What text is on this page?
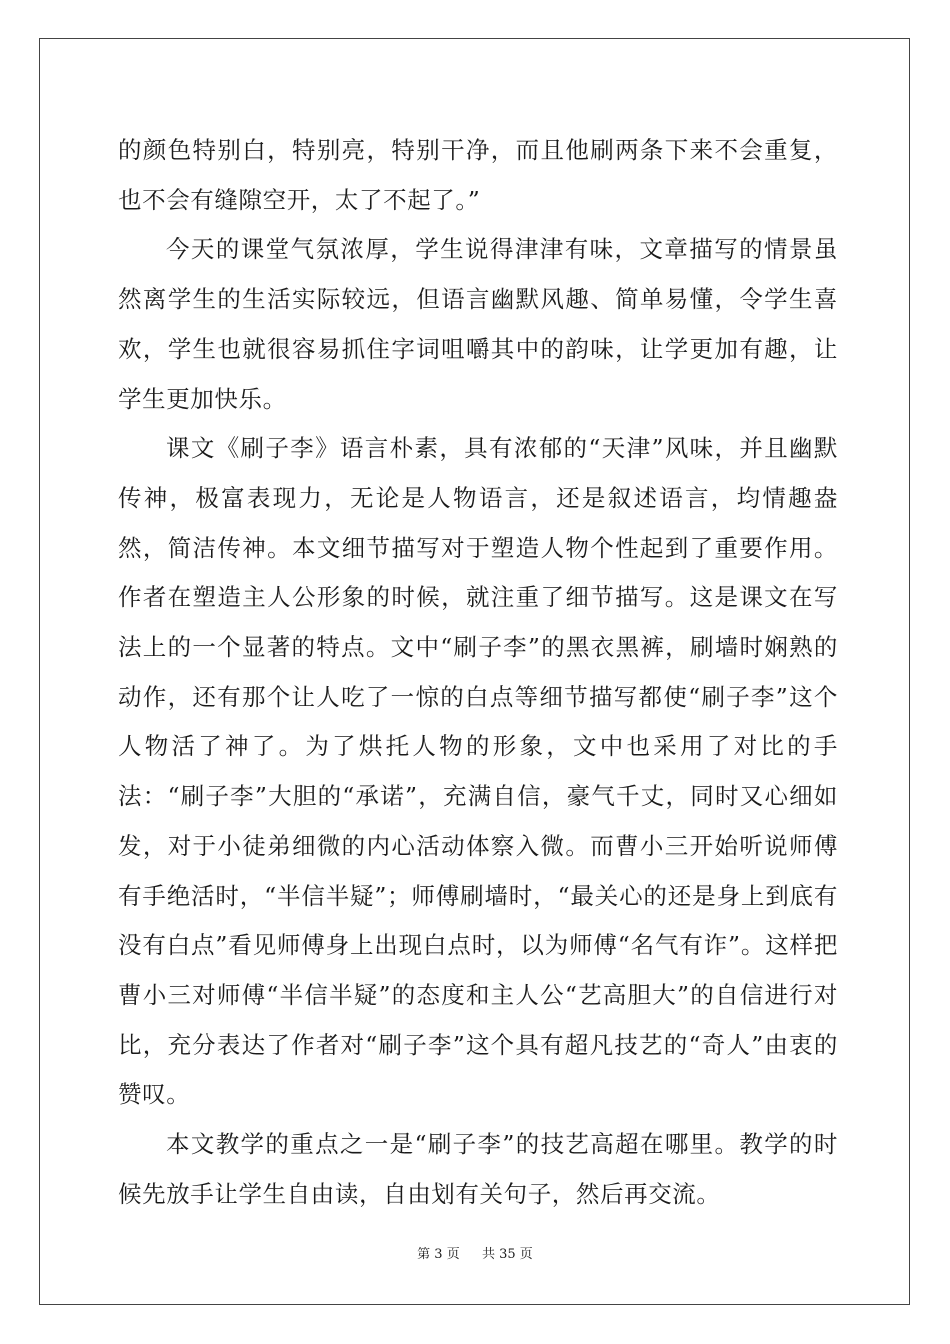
的颜色特别白，特别亮，特别干净，而且他刷两条下来不会重复，也不会有缝隙空开，太了不起了。”

今天的课堂气氛浓厚，学生说得津津有味，文章描写的情景虽然离学生的生活实际较远，但语言幽默风趣、简单易懂，令学生喜欢，学生也就很容易抓住字词咀嚼其中的韵味，让学更加有趣，让学生更加快乐。

课文《刷子李》语言朴素，具有浓郁的“天津”风味，并且幽默传神，极富表现力，无论是人物语言，还是叙述语言，均情趣盎然，简洁传神。本文细节描写对于塑造人物个性起到了重要作用。作者在塑造主人公形象的时候，就注重了细节描写。这是课文在写法上的一个显著的特点。文中“刷子李”的黑衣黑裤，刷墙时娴熟的动作，还有那个让人吃了一惊的白点等细节描写都使“刷子李”这个人物活了神了。为了烘托人物的形象，文中也采用了对比的手法：“刷子李”大胆的“承诺”，充满自信，豪气千丈，同时又心细如发，对于小徒弟细微的内心活动体察入微。而曹小三开始听说师傅有手绝活时，“半信半疑”；师傅刷墙时，“最关心的还是身上到底有没有白点”看见师傅身上出现白点时，以为师傅“名气有诈”。这样把曹小三对师傅“半信半疑”的态度和主人公“艺高胆大”的自信进行对比，充分表达了作者对“刷子李”这个具有超凡技艺的“奇人”由衷的赞叹。

本文教学的重点之一是“刷子李”的技艺高超在哪里。教学的时候先放手让学生自由读，自由划有关句子，然后再交流。

第 3 页 共 35 页
